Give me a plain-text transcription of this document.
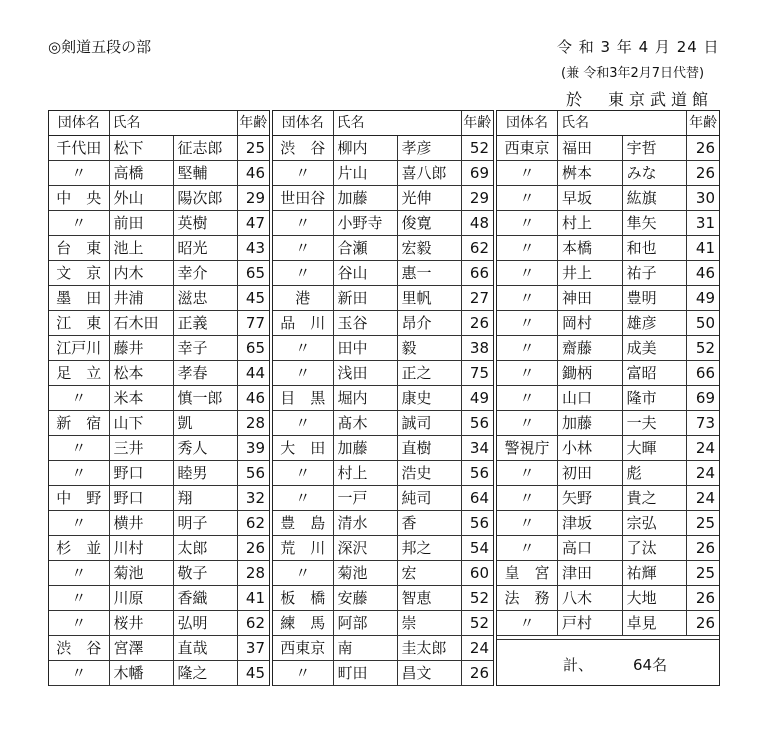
◎剣道五段の部	令 和 3 年 4 月 24 日
(兼 令和3年2月7日代替)
於　東京武道館
団体名	氏名		年齢
千代田	松下	征志郎	25
〃	高橋	堅輔	46
中　央	外山	陽次郎	29
〃	前田	英樹	47
台　東	池上	昭光	43
文　京	内木	幸介	65
墨　田	井浦	滋忠	45
江　東	石木田	正義	77
江戸川	藤井	幸子	65
足　立	松本	孝春	44
〃	米本	慎一郎	46
新　宿	山下	凱	28
〃	三井	秀人	39
〃	野口	睦男	56
中　野	野口	翔	32
〃	横井	明子	62
杉　並	川村	太郎	26
〃	菊池	敬子	28
〃	川原	香織	41
〃	桜井	弘明	62
渋　谷	宮澤	直哉	37
〃	木幡	隆之	45
団体名	氏名		年齢
渋　谷	柳内	孝彦	52
〃	片山	喜八郎	69
世田谷	加藤	光伸	29
〃	小野寺	俊寛	48
〃	合瀬	宏毅	62
〃	谷山	惠一	66
港	新田	里帆	27
品　川	玉谷	昂介	26
〃	田中	毅	38
〃	浅田	正之	75
目　黒	堀内	康史	49
〃	髙木	誠司	56
大　田	加藤	直樹	34
〃	村上	浩史	56
〃	一戸	純司	64
豊　島	清水	香	56
荒　川	深沢	邦之	54
〃	菊池	宏	60
板　橋	安藤	智恵	52
練　馬	阿部	崇	52
西東京	南	圭太郎	24
〃	町田	昌文	26
団体名	氏名		年齢
西東京	福田	宇哲	26
〃	桝本	みな	26
〃	早坂	紘旗	30
〃	村上	隼矢	31
〃	本橋	和也	41
〃	井上	祐子	46
〃	神田	豊明	49
〃	岡村	雄彦	50
〃	齋藤	成美	52
〃	鋤柄	富昭	66
〃	山口	隆市	69
〃	加藤	一夫	73
警視庁	小林	大暉	24
〃	初田	彪	24
〃	矢野	貴之	24
〃	津坂	宗弘	25
〃	高口	了汰	26
皇　宮	津田	祐輝	25
法　務	八木	大地	26
〃	戸村	卓見	26
計、	64名
